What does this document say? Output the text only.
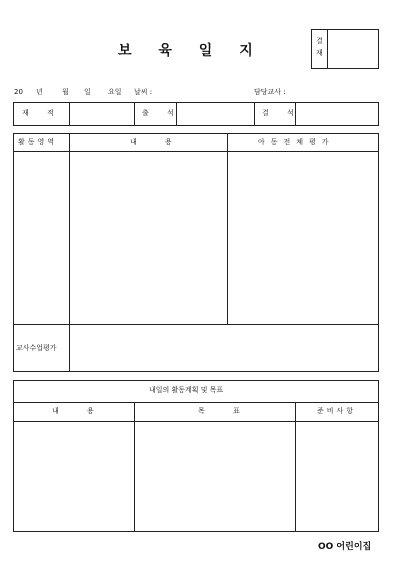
보 육 일 지
결
재
20 년	월 일 요일 날씨 :	담당교사 :
재 적	출 석	결 석
활동영역	내 용	아동전체평가
교사수업평가
내일의 활동계획 및 목표
내 용	목 표	준비사항
OO 어린이집
